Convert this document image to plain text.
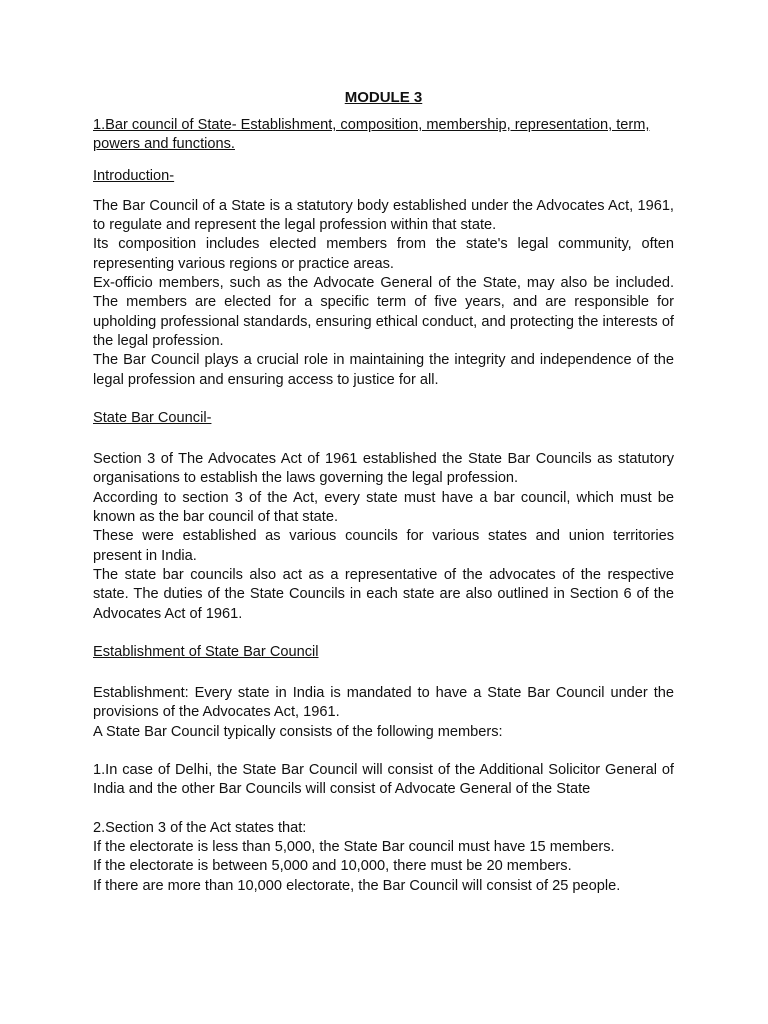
MODULE 3
1.Bar council of State- Establishment, composition, membership, representation, term, powers and functions.
Introduction-

The Bar Council of a State is a statutory body established under the Advocates Act, 1961, to regulate and represent the legal profession within that state.

Its composition includes elected members from the state's legal community, often representing various regions or practice areas.

Ex-officio members, such as the Advocate General of the State, may also be included. The members are elected for a specific term of five years, and are responsible for upholding professional standards, ensuring ethical conduct, and protecting the interests of the legal profession.

The Bar Council plays a crucial role in maintaining the integrity and independence of the legal profession and ensuring access to justice for all.

State Bar Council-

Section 3 of The Advocates Act of 1961 established the State Bar Councils as statutory organisations to establish the laws governing the legal profession.

According to section 3 of the Act, every state must have a bar council, which must be known as the bar council of that state.

These were established as various councils for various states and union territories present in India.

The state bar councils also act as a representative of the advocates of the respective state. The duties of the State Councils in each state are also outlined in Section 6 of the Advocates Act of 1961.

Establishment of State Bar Council

Establishment: Every state in India is mandated to have a State Bar Council under the provisions of the Advocates Act, 1961.

A State Bar Council typically consists of the following members:

1.In case of Delhi, the State Bar Council will consist of the Additional Solicitor General of India and the other Bar Councils will consist of Advocate General of the State

2.Section 3 of the Act states that:

If the electorate is less than 5,000, the State Bar council must have 15 members.

If the electorate is between 5,000 and 10,000, there must be 20 members.

If there are more than 10,000 electorate, the Bar Council will consist of 25 people.
